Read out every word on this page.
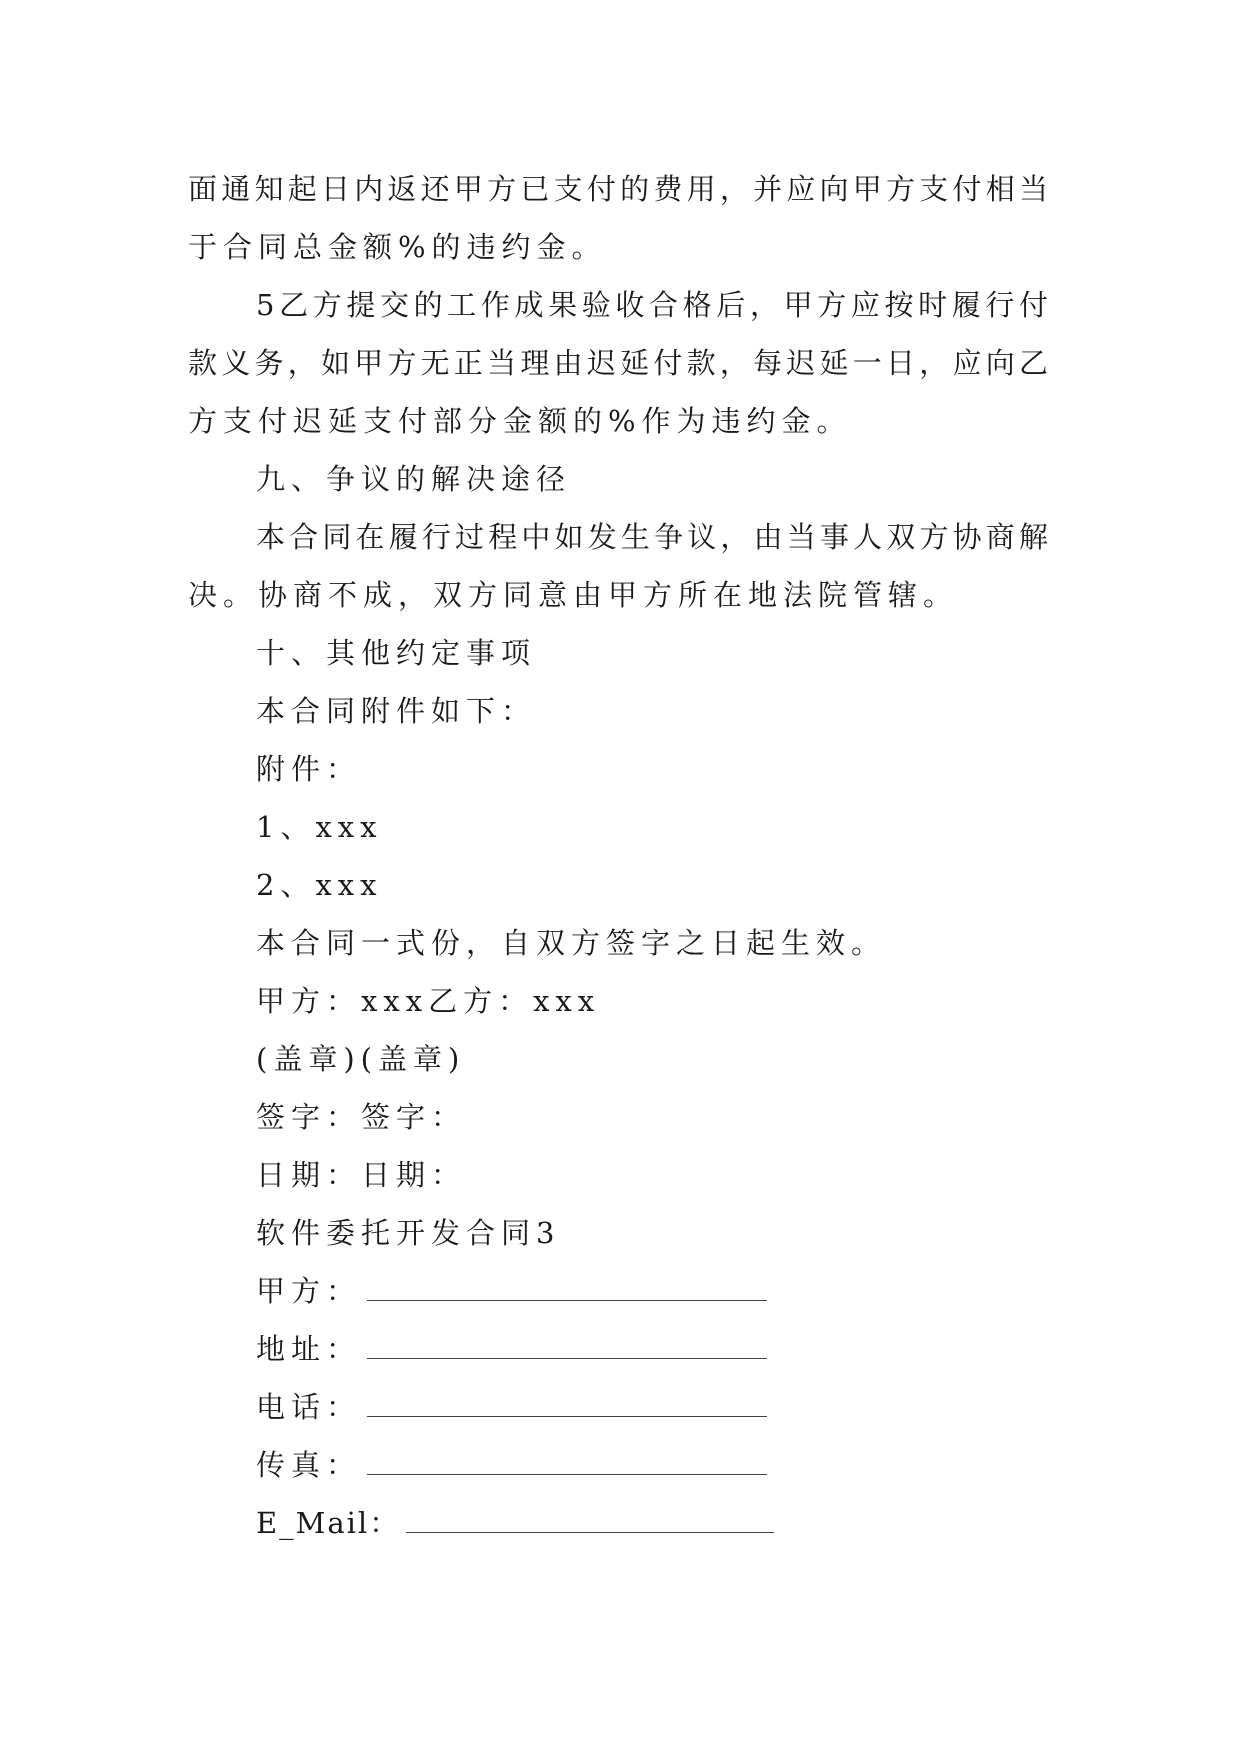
面通知起日内返还甲方已支付的费用，并应向甲方支付相当

于合同总金额%的违约金。

5乙方提交的工作成果验收合格后，甲方应按时履行付

款义务，如甲方无正当理由迟延付款，每迟延一日，应向乙

方支付迟延支付部分金额的%作为违约金。

九、争议的解决途径

本合同在履行过程中如发生争议，由当事人双方协商解

决。协商不成，双方同意由甲方所在地法院管辖。

十、其他约定事项

本合同附件如下：

附件：

1、xxx

2、xxx

本合同一式份，自双方签字之日起生效。

甲方：xxx乙方：xxx

(盖章)(盖章)

签字：签字：

日期：日期：

软件委托开发合同3

甲方：

地址：

电话：

传真：

E_Mail：
